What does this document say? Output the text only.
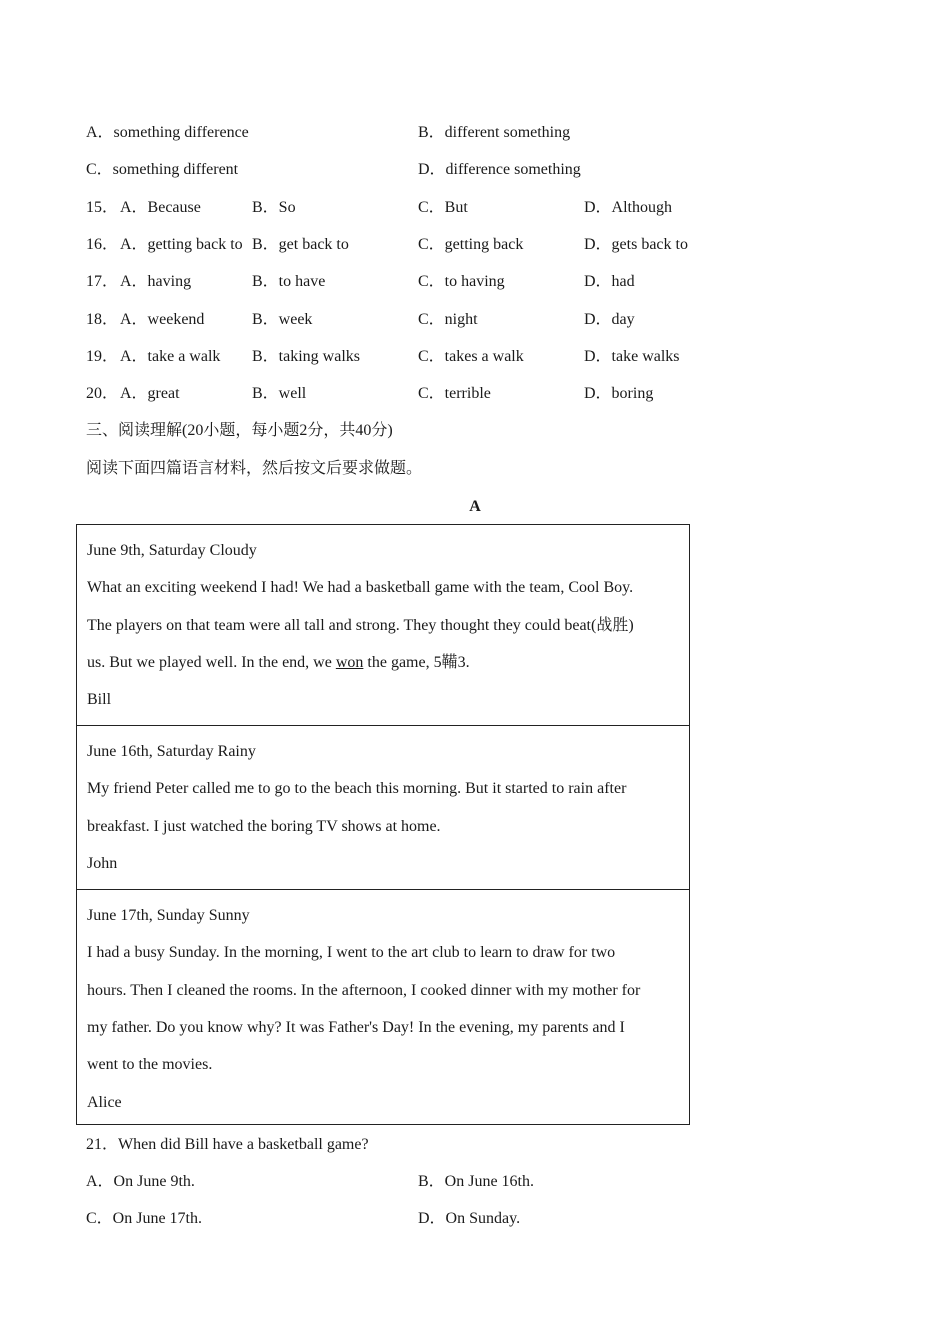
A．something difference	B．different something
C．something different	D．difference something
15． A．Because	B．So	C．But	D．Although
16． A．getting back to B．get back to	C．getting back	D．gets back to
17． A．having	B．to have	C．to having	D．had
18． A．weekend	B．week	C．night	D．day
19． A．take a walk B．taking walks	C．takes a walk	D．take walks
20． A．great	B．well	C．terrible	D．boring
三、阅读理解(20小题，每小题2分，共40分)
阅读下面四篇语言材料，然后按文后要求做题。
A
June 9th, Saturday Cloudy
What an exciting weekend I had! We had a basketball game with the team, Cool Boy.
The players on that team were all tall and strong. They thought they could beat(战胜)
us. But we played well. In the end, we won the game, 5鞴3.
Bill
June 16th, Saturday Rainy
My friend Peter called me to go to the beach this morning. But it started to rain after
breakfast. I just watched the boring TV shows at home.
John
June 17th, Sunday Sunny
I had a busy Sunday. In the morning, I went to the art club to learn to draw for two
hours. Then I cleaned the rooms. In the afternoon, I cooked dinner with my mother for
my father. Do you know why? It was Father's Day! In the evening, my parents and I
went to the movies.
Alice
21．When did Bill have a basketball game?
A．On June 9th.	B．On June 16th.
C．On June 17th.	D．On Sunday.
